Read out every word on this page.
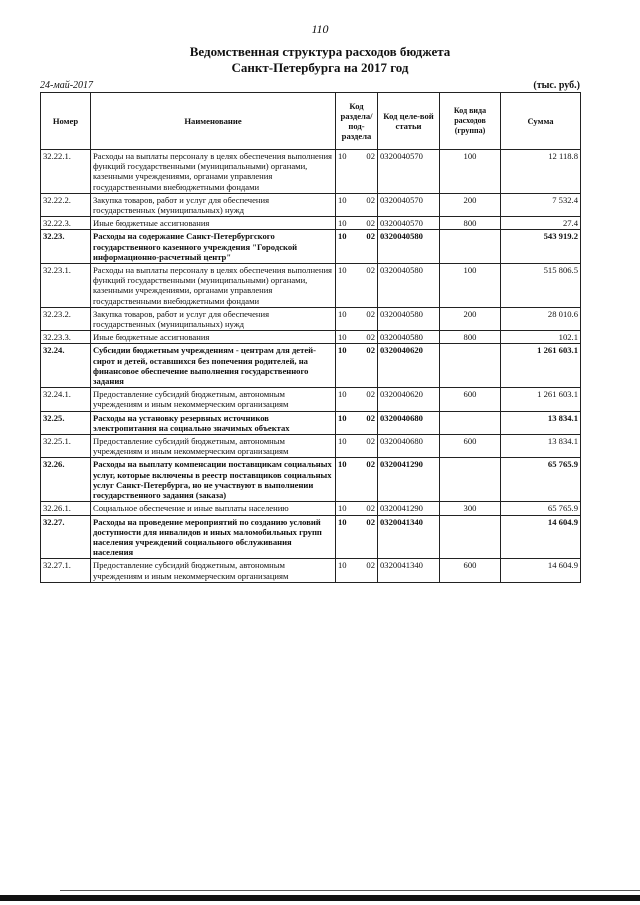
110
Ведомственная структура расходов бюджета
Санкт-Петербурга на 2017 год
24-май-2017	(тыс. руб.)
Номер	Наименование	Код раздела/ под-раздела	Код целе-вой статьи	Код вида расходов (группа)	Сумма
32.22.1.	Расходы на выплаты персоналу в целях обеспечения выполнения функций государственными (муниципальными) органами, казенными учреждениями, органами управления государственными внебюджетными фондами	10 02	0320040570	100	12 118.8
32.22.2.	Закупка товаров, работ и услуг для обеспечения государственных (муниципальных) нужд	10 02	0320040570	200	7 532.4
32.22.3.	Иные бюджетные ассигнования	10 02	0320040570	800	27.4
32.23.	Расходы на содержание Санкт-Петербургского государственного казенного учреждения "Городской информационно-расчетный центр"	10 02	0320040580		543 919.2
32.23.1.	Расходы на выплаты персоналу в целях обеспечения выполнения функций государственными (муниципальными) органами, казенными учреждениями, органами управления государственными внебюджетными фондами	10 02	0320040580	100	515 806.5
32.23.2.	Закупка товаров, работ и услуг для обеспечения государственных (муниципальных) нужд	10 02	0320040580	200	28 010.6
32.23.3.	Иные бюджетные ассигнования	10 02	0320040580	800	102.1
32.24.	Субсидии бюджетным учреждениям - центрам для детей-сирот и детей, оставшихся без попечения родителей, на финансовое обеспечение выполнения государственного задания	10 02	0320040620		1 261 603.1
32.24.1.	Предоставление субсидий бюджетным, автономным учреждениям и иным некоммерческим организациям	10 02	0320040620	600	1 261 603.1
32.25.	Расходы на установку резервных источников электропитания на социально значимых объектах	10 02	0320040680		13 834.1
32.25.1.	Предоставление субсидий бюджетным, автономным учреждениям и иным некоммерческим организациям	10 02	0320040680	600	13 834.1
32.26.	Расходы на выплату компенсации поставщикам социальных услуг, которые включены в реестр поставщиков социальных услуг Санкт-Петербурга, но не участвуют в выполнении государственного задания (заказа)	10 02	0320041290		65 765.9
32.26.1.	Социальное обеспечение и иные выплаты населению	10 02	0320041290	300	65 765.9
32.27.	Расходы на проведение мероприятий по созданию условий доступности для инвалидов и иных маломобильных групп населения учреждений социального обслуживания населения	10 02	0320041340		14 604.9
32.27.1.	Предоставление субсидий бюджетным, автономным учреждениям и иным некоммерческим организациям	10 02	0320041340	600	14 604.9
